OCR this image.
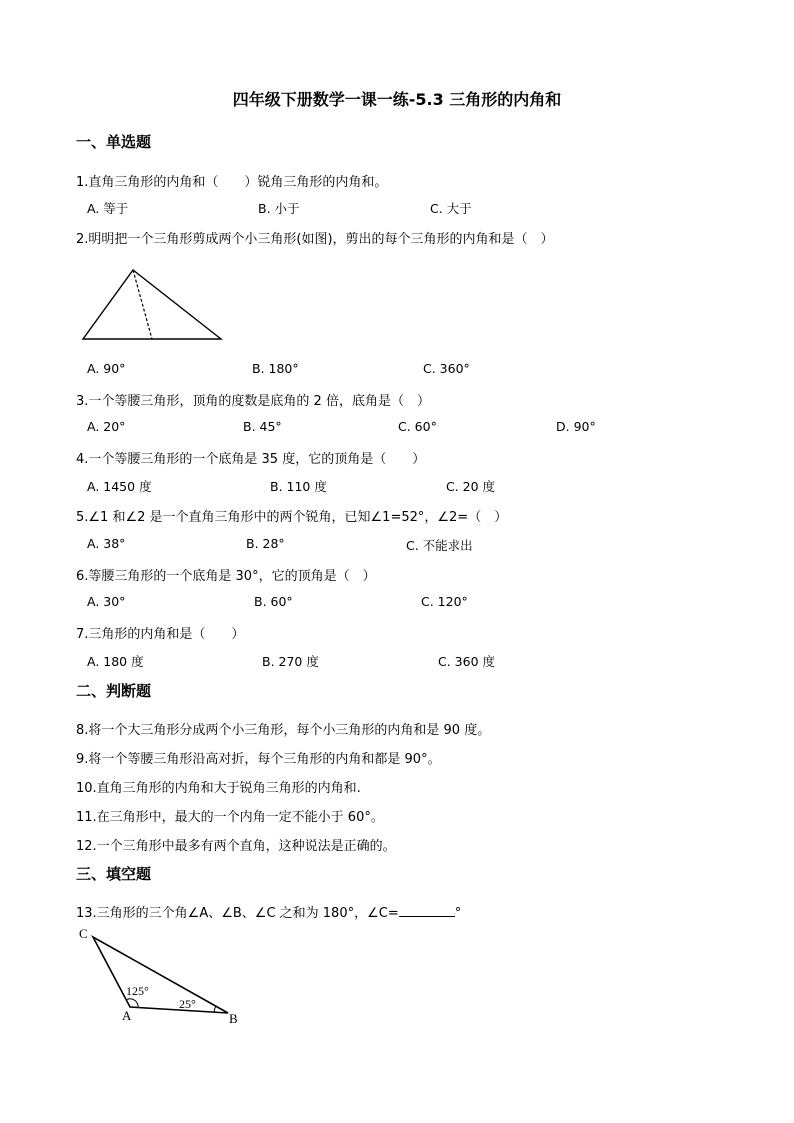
四年级下册数学一课一练-5.3 三角形的内角和
一、单选题
1.直角三角形的内角和（　　）锐角三角形的内角和。
A. 等于	B. 小于	C. 大于
2.明明把一个三角形剪成两个小三角形(如图)，剪出的每个三角形的内角和是（　）
A. 90°	B. 180°	C. 360°
3.一个等腰三角形，顶角的度数是底角的 2 倍，底角是（　）
A. 20°	B. 45°	C. 60°	D. 90°
4.一个等腰三角形的一个底角是 35 度，它的顶角是（　　）
A. 1450 度	B. 110 度	C. 20 度
5.∠1 和∠2 是一个直角三角形中的两个锐角，已知∠1=52°，∠2=（　）
A. 38°	B. 28°	C. 不能求出
6.等腰三角形的一个底角是 30°，它的顶角是（　）
A. 30°	B. 60°	C. 120°
7.三角形的内角和是（　　）
A. 180 度	B. 270 度	C. 360 度
二、判断题
8.将一个大三角形分成两个小三角形，每个小三角形的内角和是 90 度。
9.将一个等腰三角形沿高对折，每个三角形的内角和都是 90°。
10.直角三角形的内角和大于锐角三角形的内角和.
11.在三角形中，最大的一个内角一定不能小于 60°。
12.一个三角形中最多有两个直角，这种说法是正确的。
三、填空题
13.三角形的三个角∠A、∠B、∠C 之和为 180°，∠C=	°
C
A	B
125°
25°
